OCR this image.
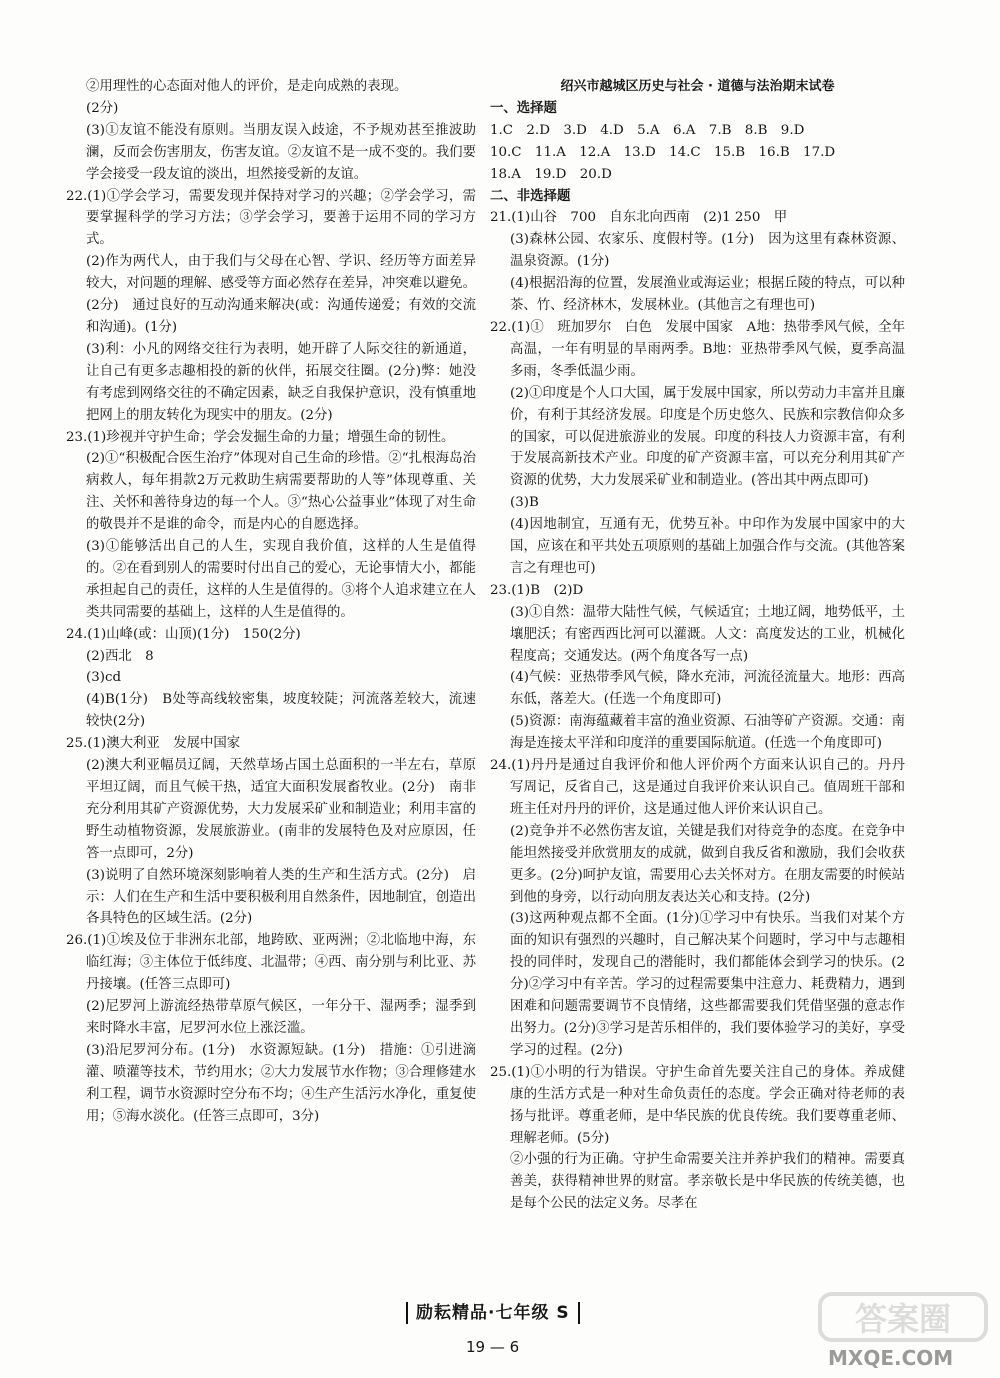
②用理性的心态面对他人的评价，是走向成熟的表现。

(2分)

(3)①友谊不能没有原则。当朋友误入歧途，不予规劝甚至推波助澜，反而会伤害朋友，伤害友谊。②友谊不是一成不变的。我们要学会接受一段友谊的淡出，坦然接受新的友谊。

22.(1)①学会学习，需要发现并保持对学习的兴趣；②学会学习，需要掌握科学的学习方法；③学会学习，要善于运用不同的学习方式。

(2)作为两代人，由于我们与父母在心智、学识、经历等方面差异较大，对问题的理解、感受等方面必然存在差异，冲突难以避免。(2分)　通过良好的互动沟通来解决(或：沟通传递爱；有效的交流和沟通)。(1分)

(3)利：小凡的网络交往行为表明，她开辟了人际交往的新通道，让自己有更多志趣相投的新的伙伴，拓展交往圈。(2分)弊：她没有考虑到网络交往的不确定因素，缺乏自我保护意识，没有慎重地把网上的朋友转化为现实中的朋友。(2分)

23.(1)珍视并守护生命；学会发掘生命的力量；增强生命的韧性。

(2)①“积极配合医生治疗”体现对自己生命的珍惜。②“扎根海岛治病救人，每年捐款2万元救助生病需要帮助的人等”体现尊重、关注、关怀和善待身边的每一个人。③“热心公益事业”体现了对生命的敬畏并不是谁的命令，而是内心的自愿选择。

(3)①能够活出自己的人生，实现自我价值，这样的人生是值得的。②在看到别人的需要时付出自己的爱心，无论事情大小，都能承担起自己的责任，这样的人生是值得的。③将个人追求建立在人类共同需要的基础上，这样的人生是值得的。

24.(1)山峰(或：山顶)(1分)　150(2分)

(2)西北　8

(3)cd

(4)B(1分)　B处等高线较密集，坡度较陡；河流落差较大，流速较快(2分)

25.(1)澳大利亚　发展中国家

(2)澳大利亚幅员辽阔，天然草场占国土总面积的一半左右，草原平坦辽阔，而且气候干热，适宜大面积发展畜牧业。(2分)　南非充分利用其矿产资源优势，大力发展采矿业和制造业；利用丰富的野生动植物资源，发展旅游业。(南非的发展特色及对应原因，任答一点即可，2分)

(3)说明了自然环境深刻影响着人类的生产和生活方式。(2分)　启示：人们在生产和生活中要积极利用自然条件，因地制宜，创造出各具特色的区域生活。(2分)

26.(1)①埃及位于非洲东北部，地跨欧、亚两洲；②北临地中海，东临红海；③主体位于低纬度、北温带；④西、南分别与利比亚、苏丹接壤。(任答三点即可)

(2)尼罗河上游流经热带草原气候区，一年分干、湿两季；湿季到来时降水丰富，尼罗河水位上涨泛滥。

(3)沿尼罗河分布。(1分)　水资源短缺。(1分)　措施：①引进滴灌、喷灌等技术，节约用水；②大力发展节水作物；③合理修建水利工程，调节水资源时空分布不均；④生产生活污水净化，重复使用；⑤海水淡化。(任答三点即可，3分)

绍兴市越城区历史与社会 · 道德与法治期末试卷

一、选择题

1.C　2.D　3.D　4.D　5.A　6.A　7.B　8.B　9.D

10.C　11.A　12.A　13.D　14.C　15.B　16.B　17.D

18.A　19.D　20.D

二、非选择题

21.(1)山谷　700　自东北向西南　(2)1 250　甲

(3)森林公园、农家乐、度假村等。(1分)　因为这里有森林资源、温泉资源。(1分)

(4)根据沿海的位置，发展渔业或海运业；根据丘陵的特点，可以种茶、竹、经济林木，发展林业。(其他言之有理也可)

22.(1)①　班加罗尔　白色　发展中国家　A地：热带季风气候，全年高温，一年有明显的旱雨两季。B地：亚热带季风气候，夏季高温多雨，冬季低温少雨。

(2)①印度是个人口大国，属于发展中国家，所以劳动力丰富并且廉价，有利于其经济发展。印度是个历史悠久、民族和宗教信仰众多的国家，可以促进旅游业的发展。印度的科技人力资源丰富，有利于发展高新技术产业。印度的矿产资源丰富，可以充分利用其矿产资源的优势，大力发展采矿业和制造业。(答出其中两点即可)

(3)B

(4)因地制宜，互通有无，优势互补。中印作为发展中国家中的大国，应该在和平共处五项原则的基础上加强合作与交流。(其他答案言之有理也可)

23.(1)B　(2)D

(3)①自然：温带大陆性气候，气候适宜；土地辽阔，地势低平，土壤肥沃；有密西西比河可以灌溉。人文：高度发达的工业，机械化程度高；交通发达。(两个角度各写一点)

(4)气候：亚热带季风气候，降水充沛，河流径流量大。地形：西高东低，落差大。(任选一个角度即可)

(5)资源：南海蕴藏着丰富的渔业资源、石油等矿产资源。交通：南海是连接太平洋和印度洋的重要国际航道。(任选一个角度即可)

24.(1)丹丹是通过自我评价和他人评价两个方面来认识自己的。丹丹写周记，反省自己，这是通过自我评价来认识自己。值周班干部和班主任对丹丹的评价，这是通过他人评价来认识自己。

(2)竞争并不必然伤害友谊，关键是我们对待竞争的态度。在竞争中能坦然接受并欣赏朋友的成就，做到自我反省和激励，我们会收获更多。(2分)呵护友谊，需要用心去关怀对方。在朋友需要的时候站到他的身旁，以行动向朋友表达关心和支持。(2分)

(3)这两种观点都不全面。(1分)①学习中有快乐。当我们对某个方面的知识有强烈的兴趣时，自己解决某个问题时，学习中与志趣相投的同伴时，发现自己的潜能时，我们都能体会到学习的快乐。(2分)②学习中有辛苦。学习的过程需要集中注意力、耗费精力，遇到困难和问题需要调节不良情绪，这些都需要我们凭借坚强的意志作出努力。(2分)③学习是苦乐相伴的，我们要体验学习的美好，享受学习的过程。(2分)

25.(1)①小明的行为错误。守护生命首先要关注自己的身体。养成健康的生活方式是一种对生命负责任的态度。学会正确对待老师的表扬与批评。尊重老师，是中华民族的优良传统。我们要尊重老师、理解老师。(5分)

②小强的行为正确。守护生命需要关注并养护我们的精神。需要真善美，获得精神世界的财富。孝亲敬长是中华民族的传统美德，也是每个公民的法定义务。尽孝在

励耘精品·七年级 S
19 — 6
答案圈
MXQE.COM
